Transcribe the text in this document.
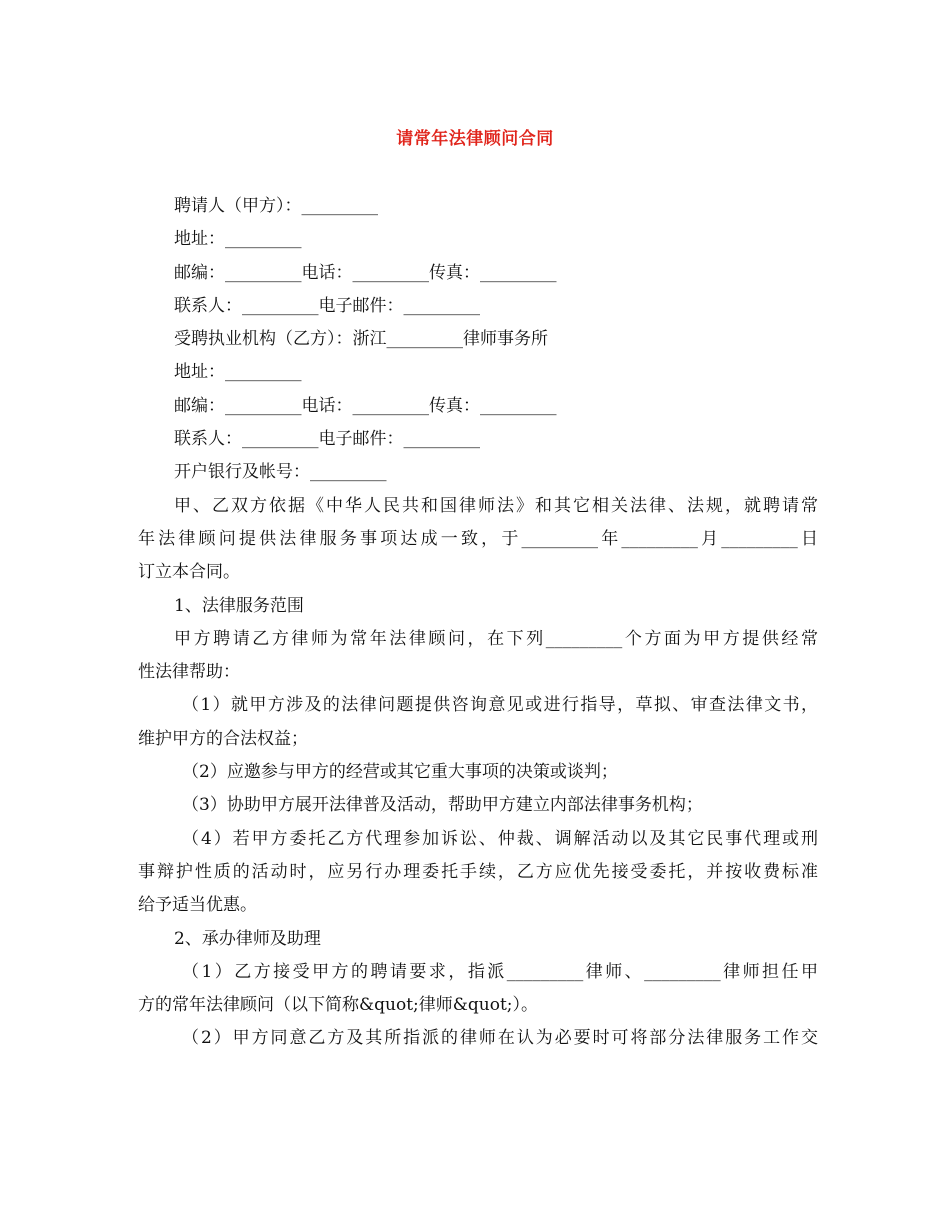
请常年法律顾问合同
聘请人（甲方）：_________
地址：_________
邮编：_________电话：_________传真：_________
联系人：_________电子邮件：_________
受聘执业机构（乙方）：浙江_________律师事务所
地址：_________
邮编：_________电话：_________传真：_________
联系人：_________电子邮件：_________
开户银行及帐号：_________
甲、乙双方依据《中华人民共和国律师法》和其它相关法律、法规，就聘请常
年法律顾问提供法律服务事项达成一致，于_________年_________月_________日
订立本合同。
1、法律服务范围
甲方聘请乙方律师为常年法律顾问，在下列_________个方面为甲方提供经常
性法律帮助：
（1）就甲方涉及的法律问题提供咨询意见或进行指导，草拟、审查法律文书，
维护甲方的合法权益；
（2）应邀参与甲方的经营或其它重大事项的决策或谈判；
（3）协助甲方展开法律普及活动，帮助甲方建立内部法律事务机构；
（4）若甲方委托乙方代理参加诉讼、仲裁、调解活动以及其它民事代理或刑
事辩护性质的活动时，应另行办理委托手续，乙方应优先接受委托，并按收费标准
给予适当优惠。
2、承办律师及助理
（1）乙方接受甲方的聘请要求，指派_________律师、_________律师担任甲
方的常年法律顾问（以下简称&quot;律师&quot;）。
（2）甲方同意乙方及其所指派的律师在认为必要时可将部分法律服务工作交
